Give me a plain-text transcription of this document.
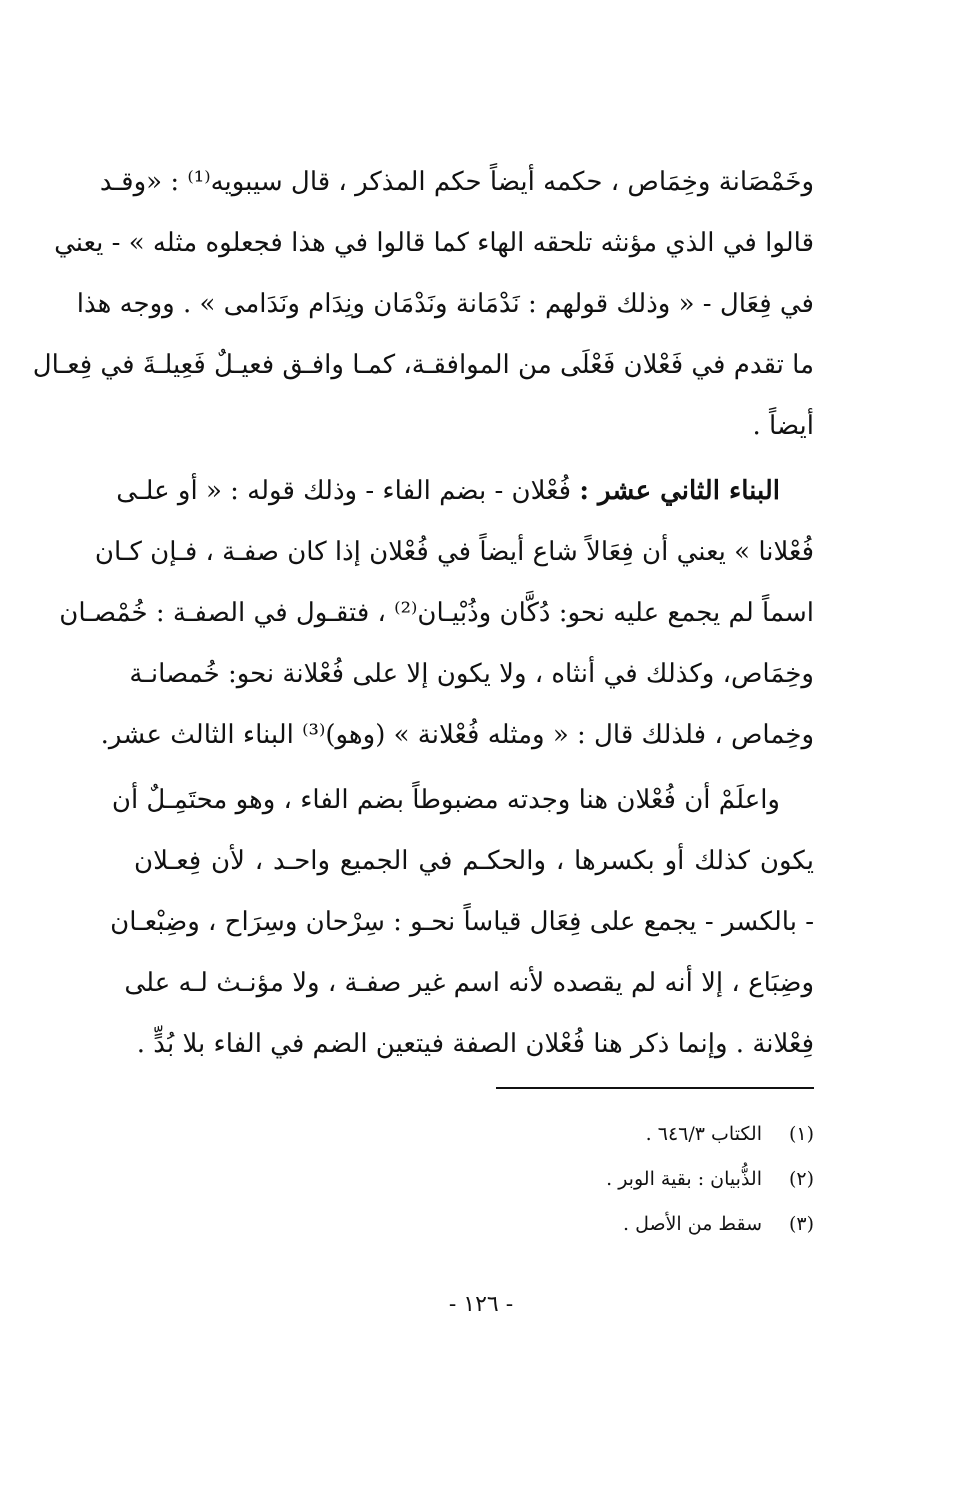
وخَمْصَانة وخِمَاص ، حكمه أيضاً حكم المذكر ، قال سيبويه⁽¹⁾ : «وقـد
قالوا في الذي مؤنثه تلحقه الهاء كما قالوا في هذا فجعلوه مثله » - يعني
في فِعَال - « وذلك قولهم : نَدْمَانة ونَدْمَان ونِدَام ونَدَامى » . ووجه هذا
ما تقدم في فَعْلان فَعْلَى من الموافقـة، كمـا وافـق فعيـلٌ فَعِيلـةَ في فِعـال
أيضاً .
البناء الثاني عشر : فُعْلان - بضم الفاء - وذلك قوله : « أو علـى
فُعْلانا » يعني أن فِعَالاً شاع أيضاً في فُعْلان إذا كان صفـة ، فـإن كـان
اسماً لم يجمع عليه نحو: دُكَّان وذُبْيـان⁽²⁾ ، فتقـول في الصفـة : خُمْصـان
وخِمَاص، وكذلك في أنثاه ، ولا يكون إلا على فُعْلانة نحو: خُمصانـة
وخِماص ، فلذلك قال : « ومثله فُعْلانة » (وهو)⁽³⁾ البناء الثالث عشر.
واعلَمْ أن فُعْلان هنا وجدته مضبوطاً بضم الفاء ، وهو محتَمِـلٌ أن
يكون كذلك أو بكسرها ، والحكـم في الجميع واحـد ، لأن فِعـلان
- بالكسر - يجمع على فِعَال قياساً نحـو : سِرْحان وسِرَاح ، وضِبْعـان
وضِبَاع ، إلا أنه لم يقصده لأنه اسم غير صفـة ، ولا مؤنـث لـه على
فِعْلانة . وإنما ذكر هنا فُعْلان الصفة فيتعين الضم في الفاء بلا بُدٍّ .
(١)الكتاب ٦٤٦/٣ .
(٢)الذُّبيان : بقية الوبر .
(٣)سقط من الأصل .
- ١٢٦ -
